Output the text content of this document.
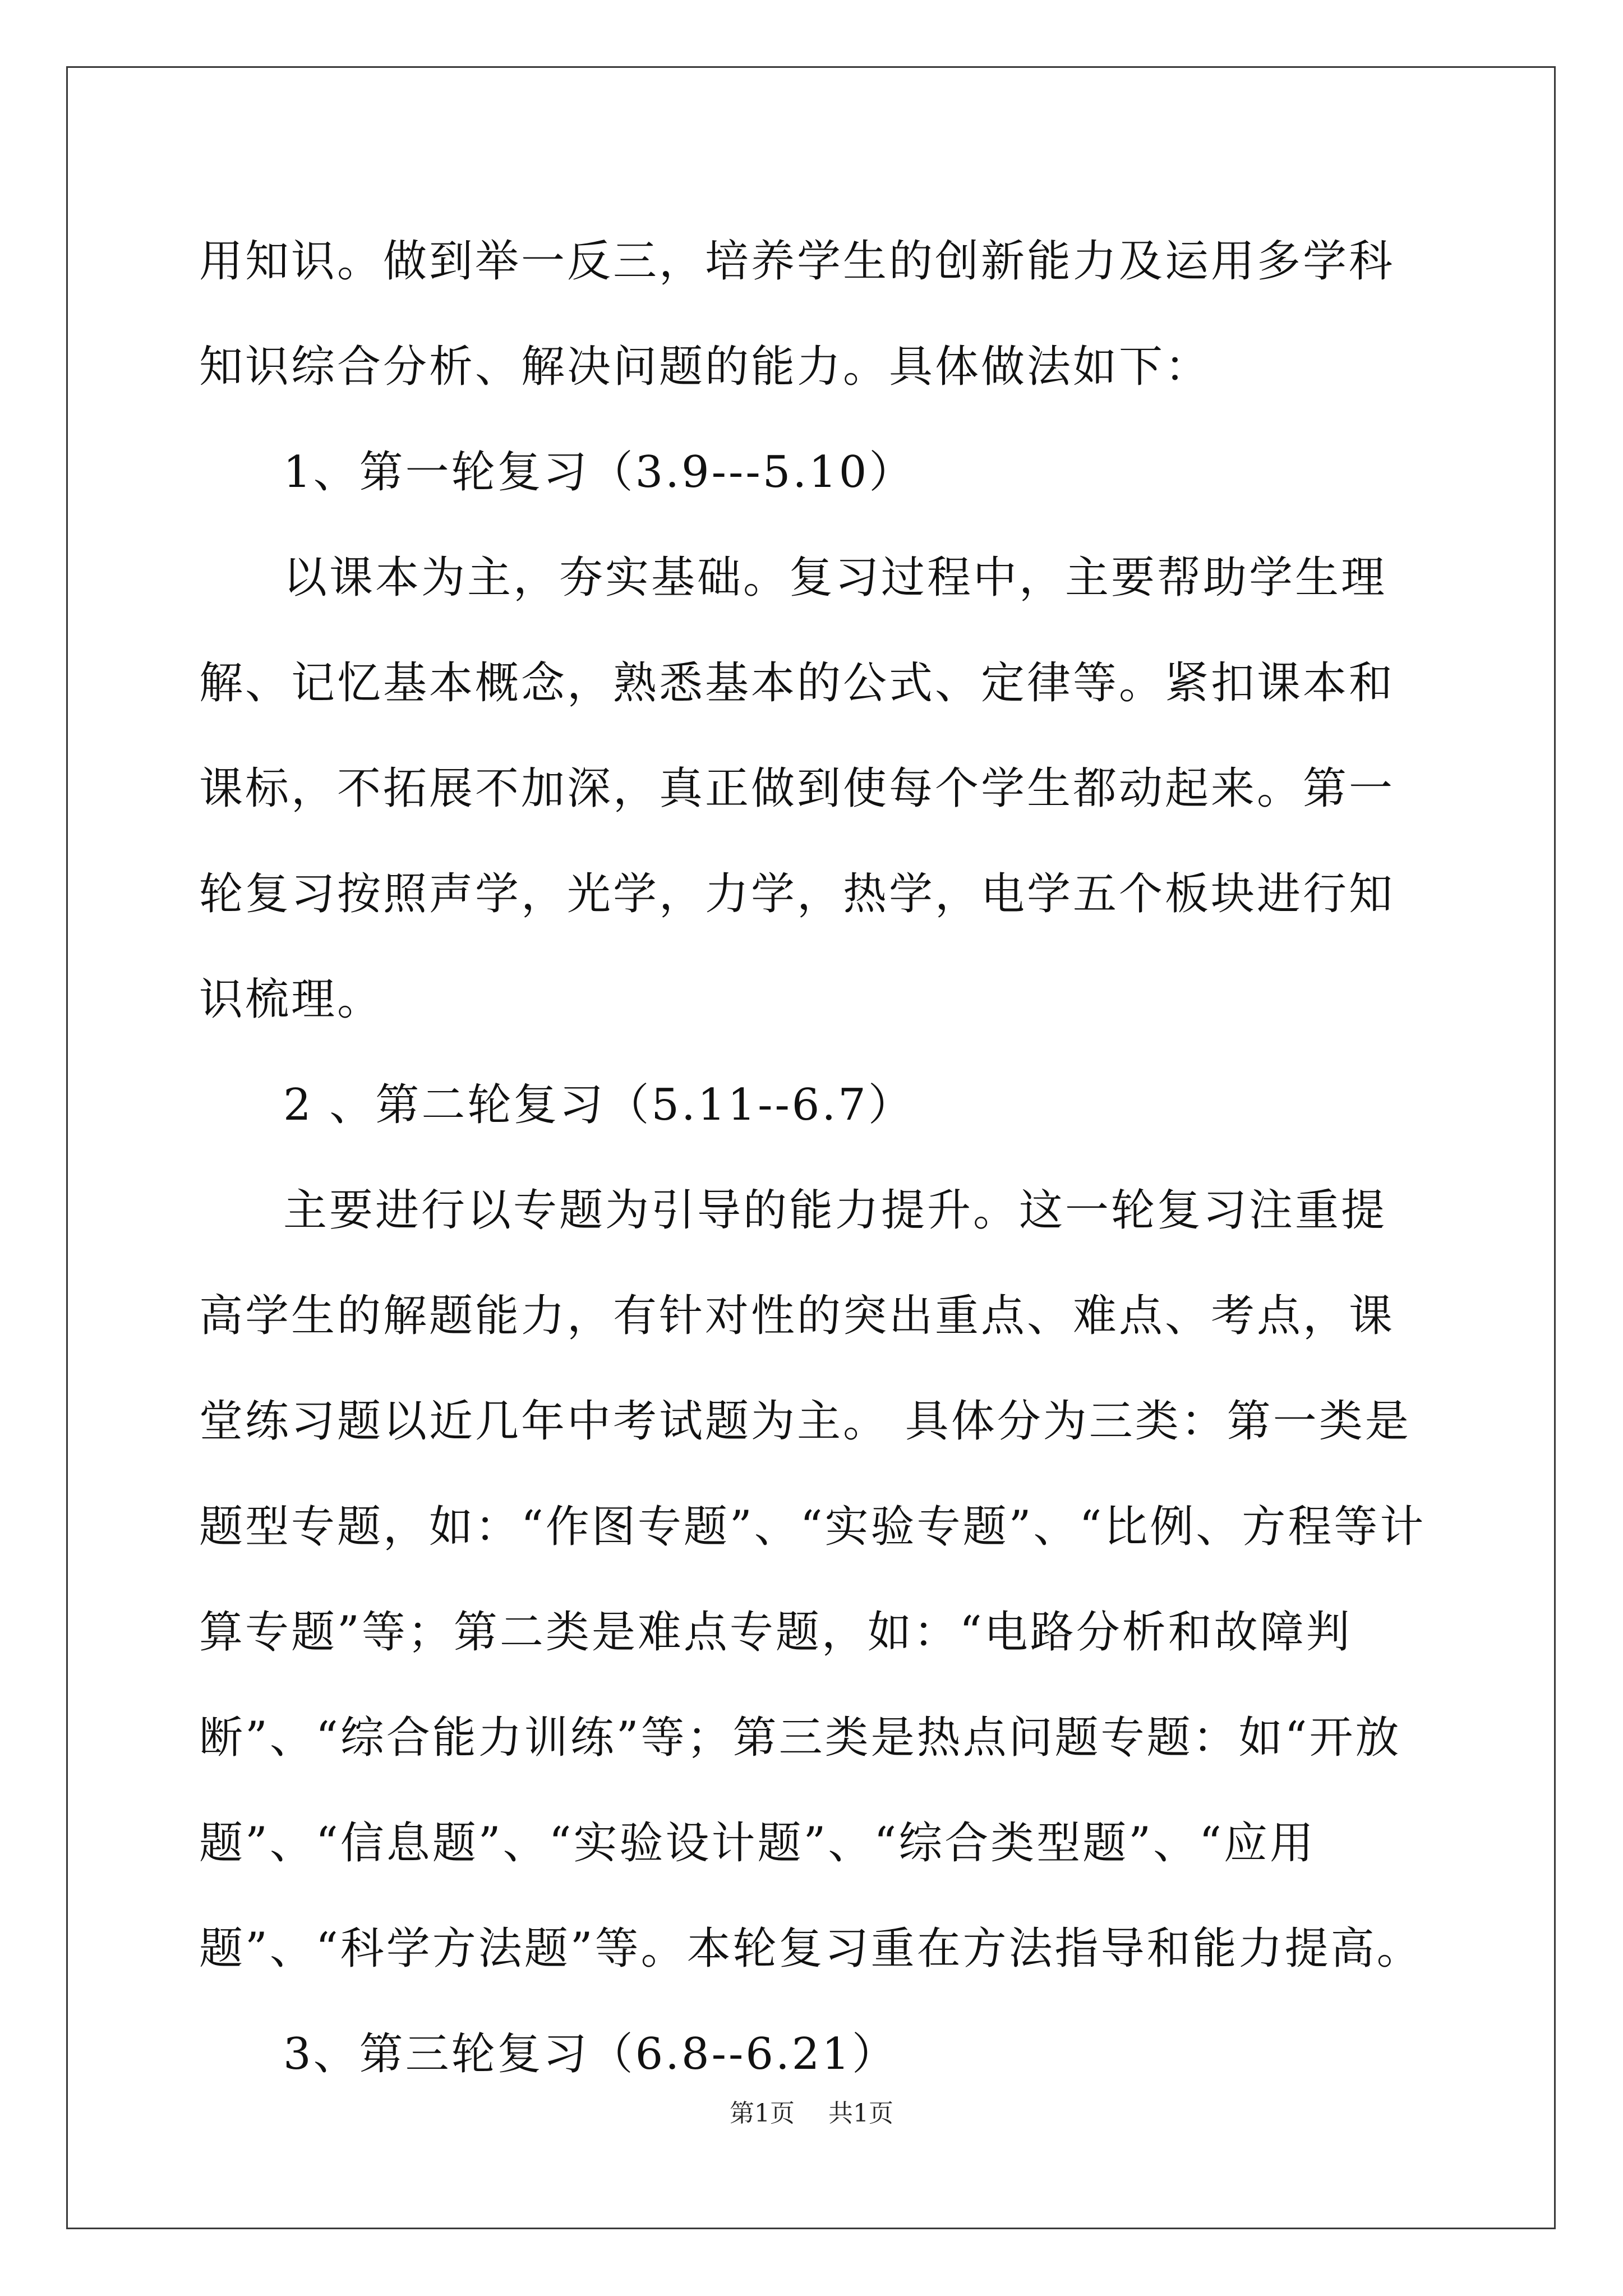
用知识。做到举一反三，培养学生的创新能力及运用多学科知识综合分析、解决问题的能力。具体做法如下：

1、第一轮复习（3.9---5.10）

以课本为主，夯实基础。复习过程中，主要帮助学生理解、记忆基本概念，熟悉基本的公式、定律等。紧扣课本和课标，不拓展不加深，真正做到使每个学生都动起来。第一轮复习按照声学，光学，力学，热学，电学五个板块进行知识梳理。

2 、第二轮复习（5.11--6.7）

主要进行以专题为引导的能力提升。这一轮复习注重提高学生的解题能力，有针对性的突出重点、难点、考点，课堂练习题以近几年中考试题为主。 具体分为三类：第一类是题型专题，如：“作图专题”、“实验专题”、“比例、方程等计算专题”等；第二类是难点专题，如：“电路分析和故障判断”、“综合能力训练”等；第三类是热点问题专题：如“开放题”、“信息题”、“实验设计题”、“综合类型题”、“应用题”、“科学方法题”等。本轮复习重在方法指导和能力提高。

3、第三轮复习（6.8--6.21）

第1页 共1页
